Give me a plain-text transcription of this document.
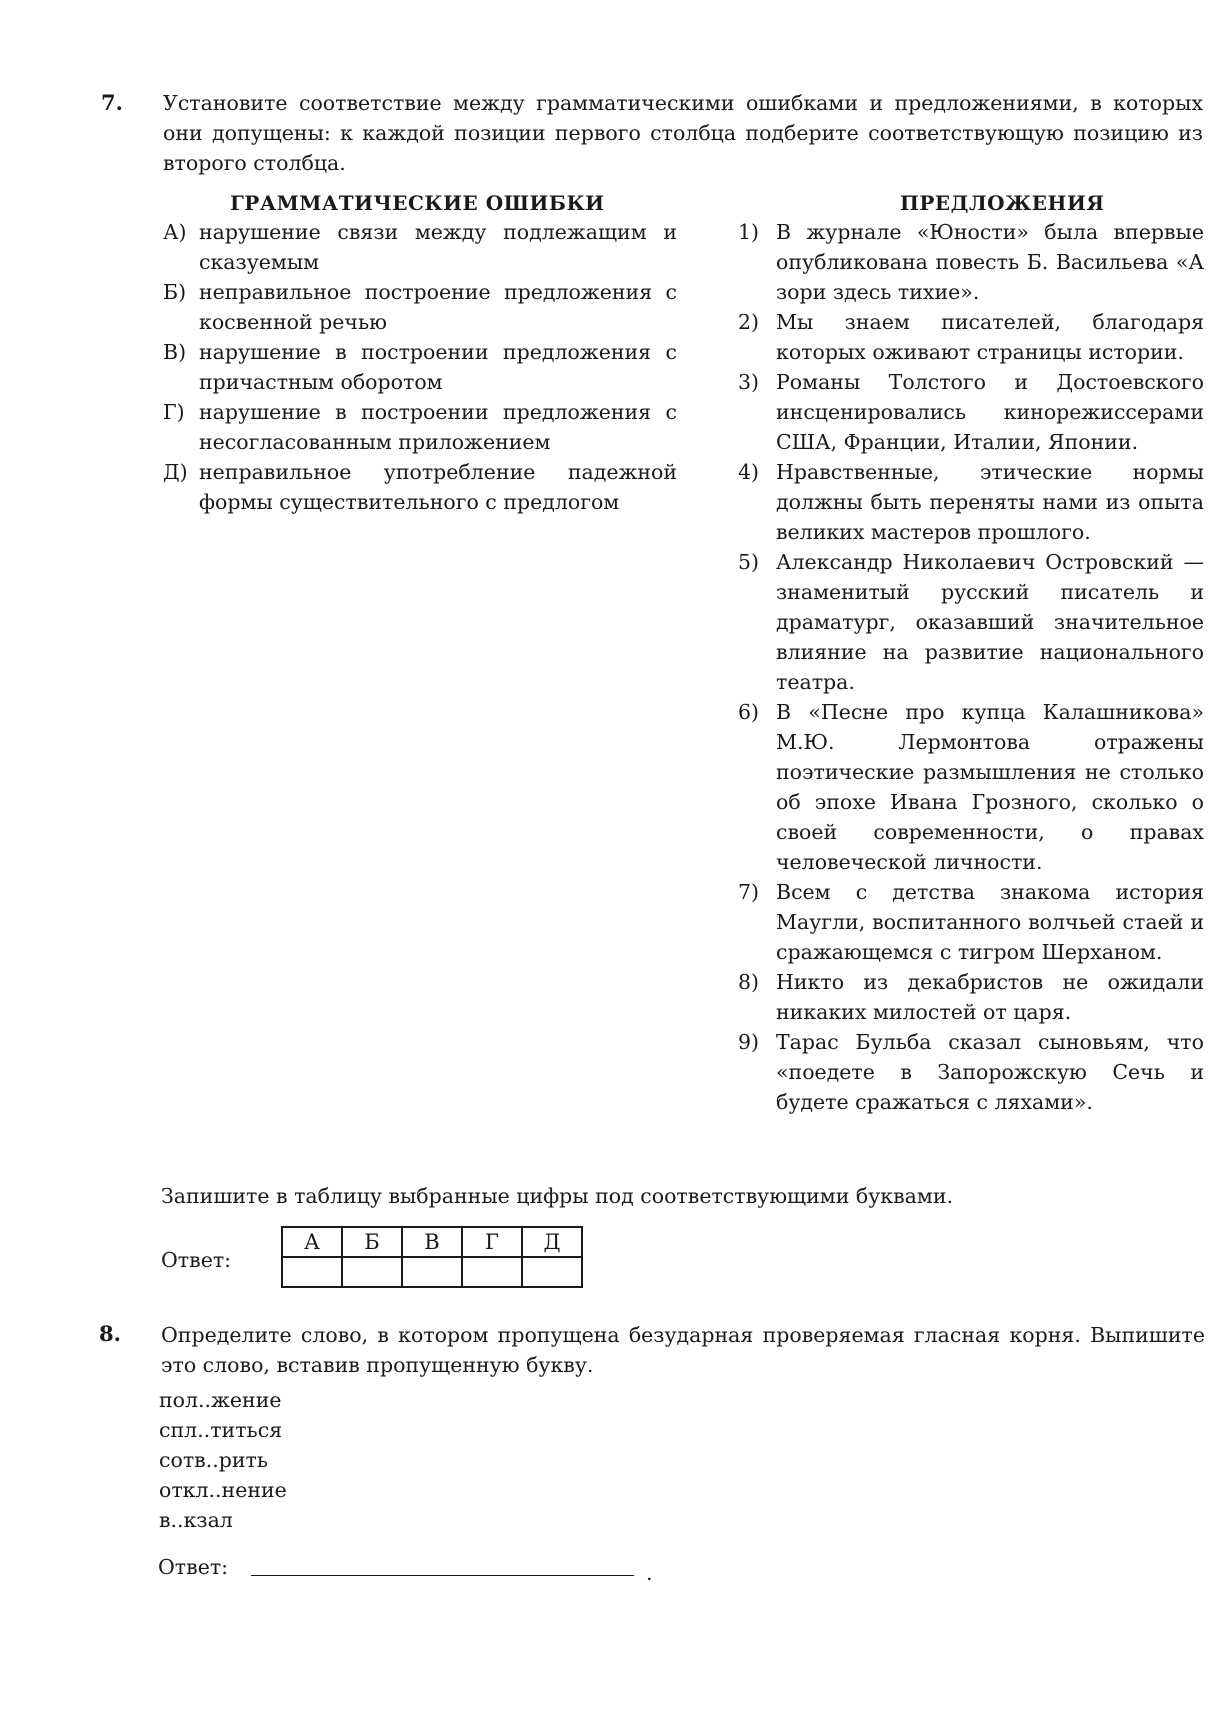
7. Установите соответствие между грамматическими ошибками и предложениями, в которых они допущены: к каждой позиции первого столбца подберите соответствующую позицию из второго столбца.
ГРАММАТИЧЕСКИЕ ОШИБКИ	ПРЕДЛОЖЕНИЯ
А) нарушение связи между подлежащим и сказуемым
Б) неправильное построение предложения с косвенной речью
В) нарушение в построении предложения с причастным оборотом
Г) нарушение в построении предложения с несогласованным приложением
Д) неправильное употребление падежной формы существительного с предлогом
1) В журнале «Юности» была впервые опубликована повесть Б. Васильева «А зори здесь тихие».
2) Мы знаем писателей, благодаря которых оживают страницы истории.
3) Романы Толстого и Достоевского инсценировались кинорежиссерами США, Франции, Италии, Японии.
4) Нравственные, этические нормы должны быть переняты нами из опыта великих мастеров прошлого.
5) Александр Николаевич Островский — знаменитый русский писатель и драматург, оказавший значительное влияние на развитие национального театра.
6) В «Песне про купца Калашникова» М.Ю. Лермонтова отражены поэтические размышления не столько об эпохе Ивана Грозного, сколько о своей современности, о правах человеческой личности.
7) Всем с детства знакома история Маугли, воспитанного волчьей стаей и сражающемся с тигром Шерханом.
8) Никто из декабристов не ожидали никаких милостей от царя.
9) Тарас Бульба сказал сыновьям, что «поедете в Запорожскую Сечь и будете сражаться с ляхами».
Запишите в таблицу выбранные цифры под соответствующими буквами.
Ответ:
А	Б	В	Г	Д

8. Определите слово, в котором пропущена безударная проверяемая гласная корня. Выпишите это слово, вставив пропущенную букву.
пол..жение
спл..титься
сотв..рить
откл..нение
в..кзал
Ответ:	.
